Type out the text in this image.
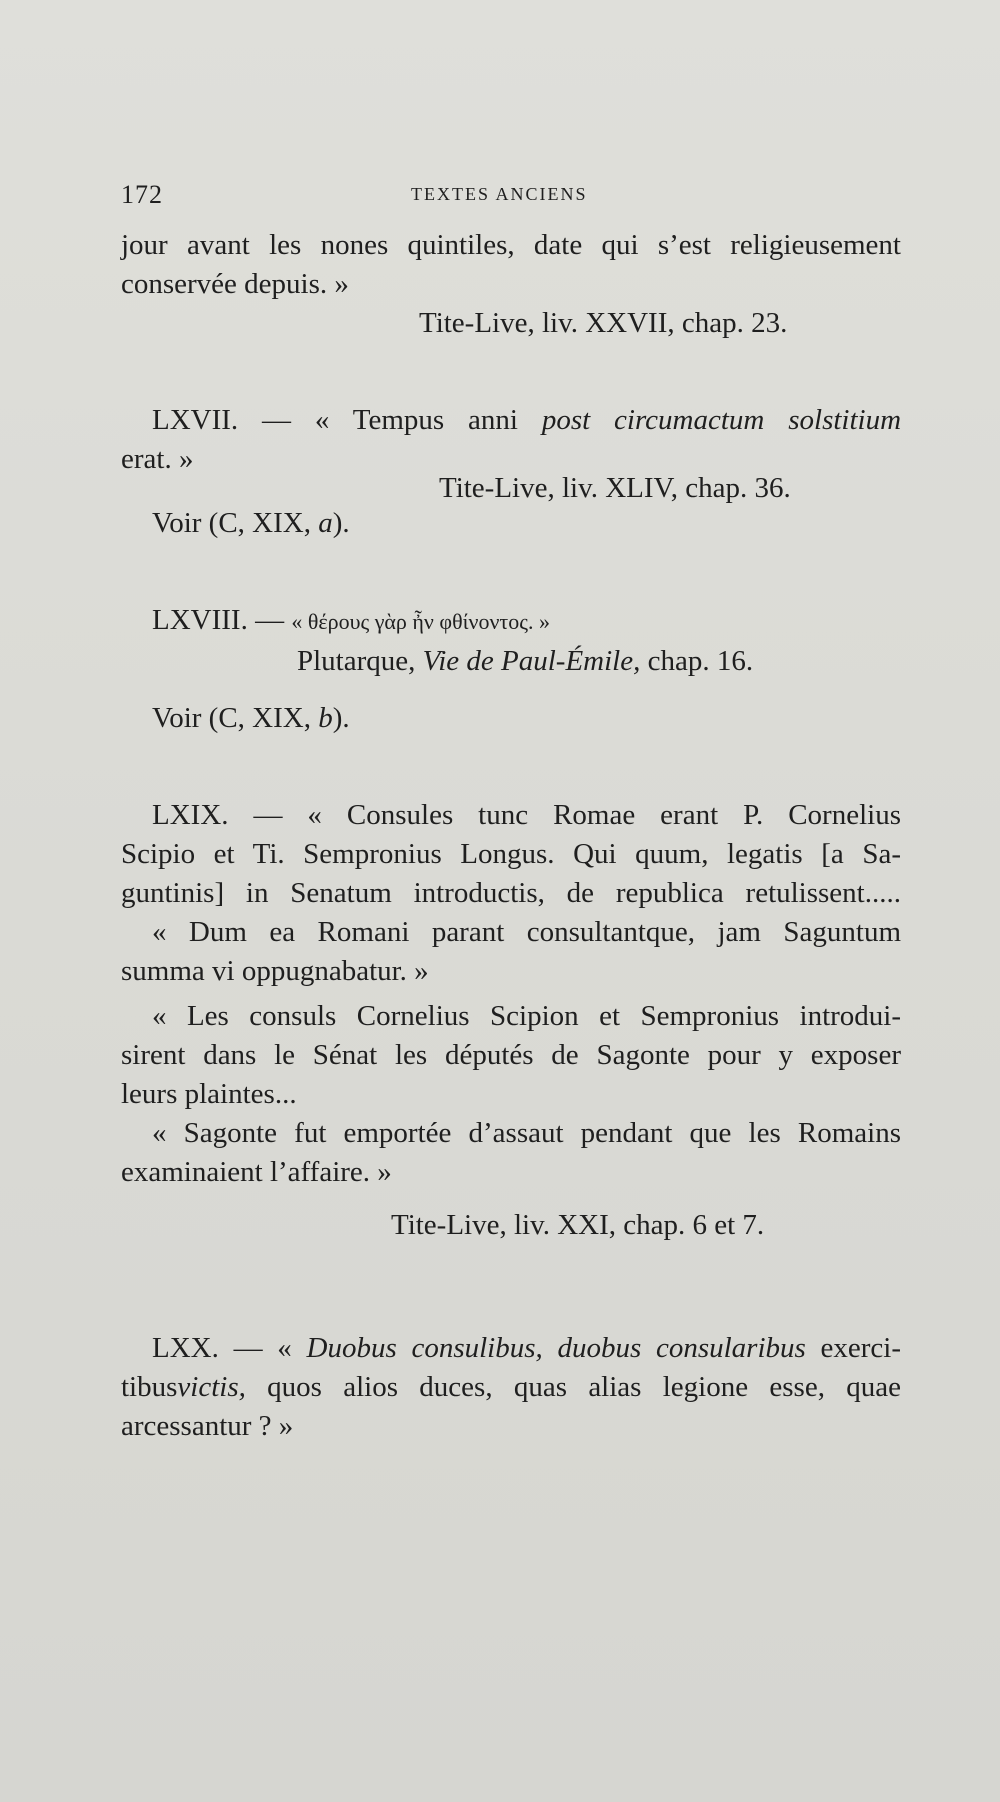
172	TEXTES ANCIENS
jour avant les nones quintiles, date qui s’est religieusement
conservée depuis. »
Tite-Live, liv. XXVII, chap. 23.
LXVII. — « Tempus anni post circumactum solstitium
erat. »
Tite-Live, liv. XLIV, chap. 36.
Voir (C, XIX, a).
LXVIII. — « θέρους γὰρ ἦν φθίνοντος. »
Plutarque, Vie de Paul-Émile, chap. 16.
Voir (C, XIX, b).
LXIX. — « Consules tunc Romae erant P. Cornelius
Scipio et Ti. Sempronius Longus. Qui quum, legatis [a Sa-
guntinis] in Senatum introductis, de republica retulissent.....
« Dum ea Romani parant consultantque, jam Saguntum
summa vi oppugnabatur. »
« Les consuls Cornelius Scipion et Sempronius introdui-
sirent dans le Sénat les députés de Sagonte pour y exposer
leurs plaintes...
« Sagonte fut emportée d’assaut pendant que les Romains
examinaient l’affaire. »
Tite-Live, liv. XXI, chap. 6 et 7.
LXX. — « Duobus consulibus, duobus consularibus exerci-
tibusvictis, quos alios duces, quas alias legione esse, quae
arcessantur ? »
